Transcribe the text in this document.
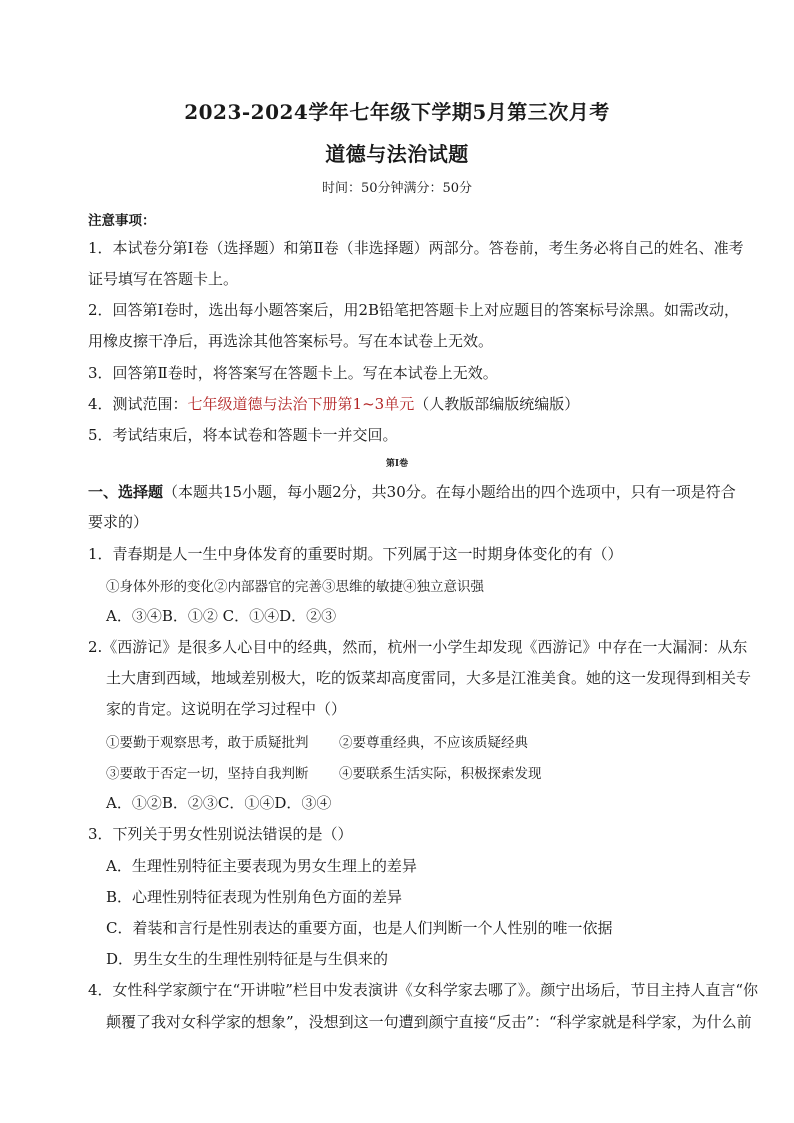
2023-2024学年七年级下学期5月第三次月考
道德与法治试题
时间：50分钟满分：50分
注意事项：
1．本试卷分第Ⅰ卷（选择题）和第Ⅱ卷（非选择题）两部分。答卷前，考生务必将自己的姓名、准考
证号填写在答题卡上。
2．回答第Ⅰ卷时，选出每小题答案后，用2B铅笔把答题卡上对应题目的答案标号涂黑。如需改动，
用橡皮擦干净后，再选涂其他答案标号。写在本试卷上无效。
3．回答第Ⅱ卷时，将答案写在答题卡上。写在本试卷上无效。
4．测试范围：七年级道德与法治下册第1~3单元（人教版部编版统编版）
5．考试结束后，将本试卷和答题卡一并交回。
第Ⅰ卷
一、选择题（本题共15小题，每小题2分，共30分。在每小题给出的四个选项中，只有一项是符合
要求的）
1．青春期是人一生中身体发育的重要时期。下列属于这一时期身体变化的有（）
①身体外形的变化②内部器官的完善③思维的敏捷④独立意识强
A．③④B．①② C．①④D．②③
2.《西游记》是很多人心目中的经典，然而，杭州一小学生却发现《西游记》中存在一大漏洞：从东
土大唐到西域，地域差别极大，吃的饭菜却高度雷同，大多是江淮美食。她的这一发现得到相关专
家的肯定。这说明在学习过程中（）
①要勤于观察思考，敢于质疑批判 ②要尊重经典，不应该质疑经典
③要敢于否定一切，坚持自我判断 ④要联系生活实际，积极探索发现
A．①②B．②③C．①④D．③④
3．下列关于男女性别说法错误的是（）
A．生理性别特征主要表现为男女生理上的差异
B．心理性别特征表现为性别角色方面的差异
C．着装和言行是性别表达的重要方面，也是人们判断一个人性别的唯一依据
D．男生女生的生理性别特征是与生俱来的
4．女性科学家颜宁在“开讲啦”栏目中发表演讲《女科学家去哪了》。颜宁出场后，节目主持人直言“你
颠覆了我对女科学家的想象”，没想到这一句遭到颜宁直接“反击”：“科学家就是科学家，为什么前
